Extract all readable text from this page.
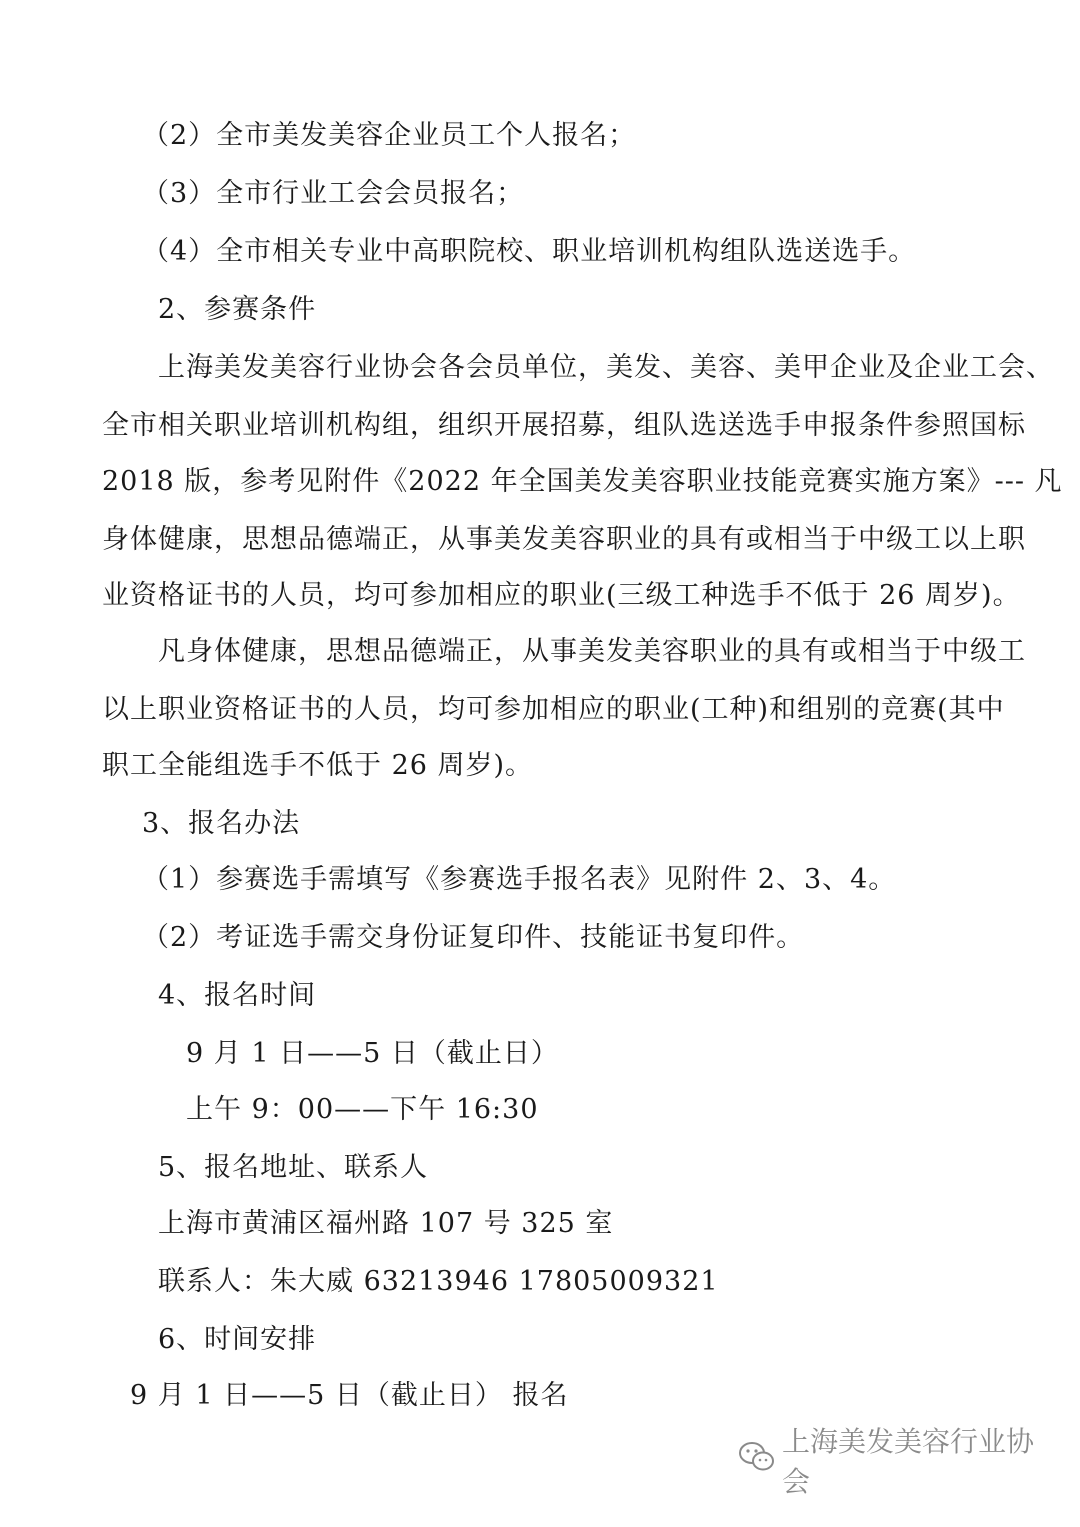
（2）全市美发美容企业员工个人报名；
（3）全市行业工会会员报名；
（4）全市相关专业中高职院校、职业培训机构组队选送选手。
2、参赛条件
上海美发美容行业协会各会员单位，美发、美容、美甲企业及企业工会、
全市相关职业培训机构组，组织开展招募，组队选送选手申报条件参照国标
2018 版，参考见附件《2022 年全国美发美容职业技能竞赛实施方案》--- 凡
身体健康，思想品德端正，从事美发美容职业的具有或相当于中级工以上职
业资格证书的人员，均可参加相应的职业(三级工种选手不低于 26 周岁)。
凡身体健康，思想品德端正，从事美发美容职业的具有或相当于中级工
以上职业资格证书的人员，均可参加相应的职业(工种)和组别的竞赛(其中
职工全能组选手不低于 26 周岁)。
3、报名办法
（1）参赛选手需填写《参赛选手报名表》见附件 2、3、4。
（2）考证选手需交身份证复印件、技能证书复印件。
4、报名时间
9 月 1 日——5 日（截止日）
上午 9：00——下午 16:30
5、报名地址、联系人
上海市黄浦区福州路 107 号 325 室
联系人：朱大威 63213946 17805009321
6、时间安排
9 月 1 日——5 日（截止日） 报名
上海美发美容行业协会
